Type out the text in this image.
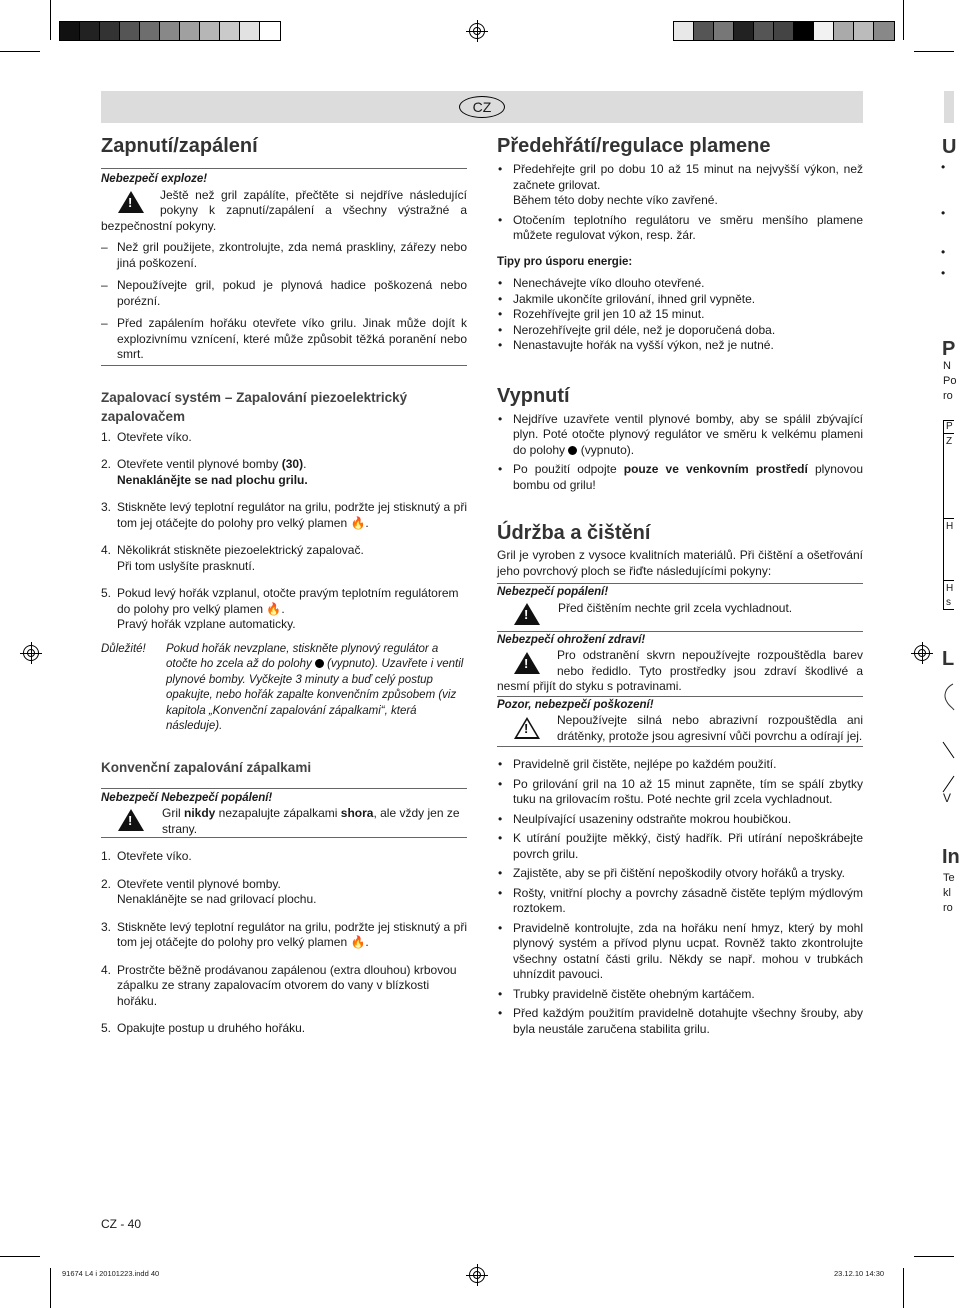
CZ
Zapnutí/zapálení
Nebezpečí exploze!
!
Ještě než gril zapálíte, přečtěte si nejdříve následující pokyny k zapnutí/zapálení a všechny výstražné a bezpečnostní pokyny.
– Než gril použijete, zkontrolujte, zda nemá praskliny, zářezy nebo jiná poškození.
– Nepoužívejte gril, pokud je plynová hadice poškozená nebo porézní.
– Před zapálením hořáku otevřete víko grilu. Jinak může dojít k explozivnímu vznícení, které může způsobit těžká poranění nebo smrt.
Zapalovací systém – Zapalování piezoelektrický zapalovačem
1. Otevřete víko.
2. Otevřete ventil plynové bomby (30).
Nenaklánějte se nad plochu grilu.
3. Stiskněte levý teplotní regulátor na grilu, podržte jej stisknutý a při tom jej otáčejte do polohy pro velký plamen 🔥.
4. Několikrát stiskněte piezoelektrický zapalovač.
Při tom uslyšíte prasknutí.
5. Pokud levý hořák vzplanul, otočte pravým teplotním regulátorem do polohy pro velký plamen 🔥.
Pravý hořák vzplane automaticky.
Důležité! Pokud hořák nevzplane, stiskněte plynový regulátor a otočte ho zcela až do polohy  (vypnuto). Uzavřete i ventil plynové bomby. Vyčkejte 3 minuty a buď celý postup opakujte, nebo hořák zapalte konvenčním způsobem (viz kapitola „Konvenční zapalování zápalkami“, která následuje).
Konvenční zapalování zápalkami
Nebezpečí Nebezpečí popálení!
!
Gril nikdy nezapalujte zápalkami shora, ale vždy jen ze strany.
1. Otevřete víko.
2. Otevřete ventil plynové bomby.
Nenaklánějte se nad grilovací plochu.
3. Stiskněte levý teplotní regulátor na grilu, podržte jej stisknutý a při tom jej otáčejte do polohy pro velký plamen 🔥.
4. Prostrčte běžně prodávanou zapálenou (extra dlouhou) krbovou zápalku ze strany zapalovacím otvorem do vany v blízkosti hořáku.
5. Opakujte postup u druhého hořáku.
Předehřátí/regulace plamene
• Předehřejte gril po dobu 10 až 15 minut na nejvyšší výkon, než začnete grilovat.
Během této doby nechte víko zavřené.
• Otočením teplotního regulátoru ve směru menšího plamene můžete regulovat výkon, resp. žár.
Tipy pro úsporu energie:
• Nenechávejte víko dlouho otevřené.
• Jakmile ukončíte grilování, ihned gril vypněte.
• Rozehřívejte gril jen 10 až 15 minut.
• Nerozehřívejte gril déle, než je doporučená doba.
• Nenastavujte hořák na vyšší výkon, než je nutné.
Vypnutí
• Nejdříve uzavřete ventil plynové bomby, aby se spálil zbývající plyn. Poté otočte plynový regulátor ve směru k velkému plameni do polohy  (vypnuto).
• Po použití odpojte pouze ve venkovním prostředí plynovou bombu od grilu!
Údržba a čištění
Gril je vyroben z vysoce kvalitních materiálů. Při čištění a ošetřování jeho povrchový ploch se řiďte následujícími pokyny:
Nebezpečí popálení!
!
Před čištěním nechte gril zcela vychladnout.
Nebezpečí ohrožení zdraví!
!
Pro odstranění skvrn nepoužívejte rozpouštědla barev nebo ředidlo. Tyto prostředky jsou zdraví škodlivé a nesmí přijít do styku s potravinami.
Pozor, nebezpečí poškození!
!
Nepoužívejte silná nebo abrazivní rozpouštědla ani drátěnky, protože jsou agresivní vůči povrchu a odírají jej.
• Pravidelně gril čistěte, nejlépe po každém použití.
• Po grilování gril na 10 až 15 minut zapněte, tím se spálí zbytky tuku na grilovacím roštu. Poté nechte gril zcela vychladnout.
• Neulpívající usazeniny odstraňte mokrou houbičkou.
• K utírání použijte měkký, čistý hadřík. Při utírání nepoškrábejte povrch grilu.
• Zajistěte, aby se při čištění nepoškodily otvory hořáků a trysky.
• Rošty, vnitřní plochy a povrchy zásadně čistěte teplým mýdlovým roztokem.
• Pravidelně kontrolujte, zda na hořáku není hmyz, který by mohl plynový systém a přívod plynu ucpat. Rovněž takto zkontrolujte všechny ostatní části grilu. Někdy se např. mohou v trubkách uhnízdit pavouci.
• Trubky pravidelně čistěte ohebným kartáčem.
• Před každým použitím pravidelně dotahujte všechny šrouby, aby byla neustále zaručena stabilita grilu.
U
P
L
In
•
•
•
•
N
Po
ro
P
Z
H
H
s
V
Te
kl
ro
CZ - 40
91674 L4 i 20101223.indd 40	23.12.10 14:30
